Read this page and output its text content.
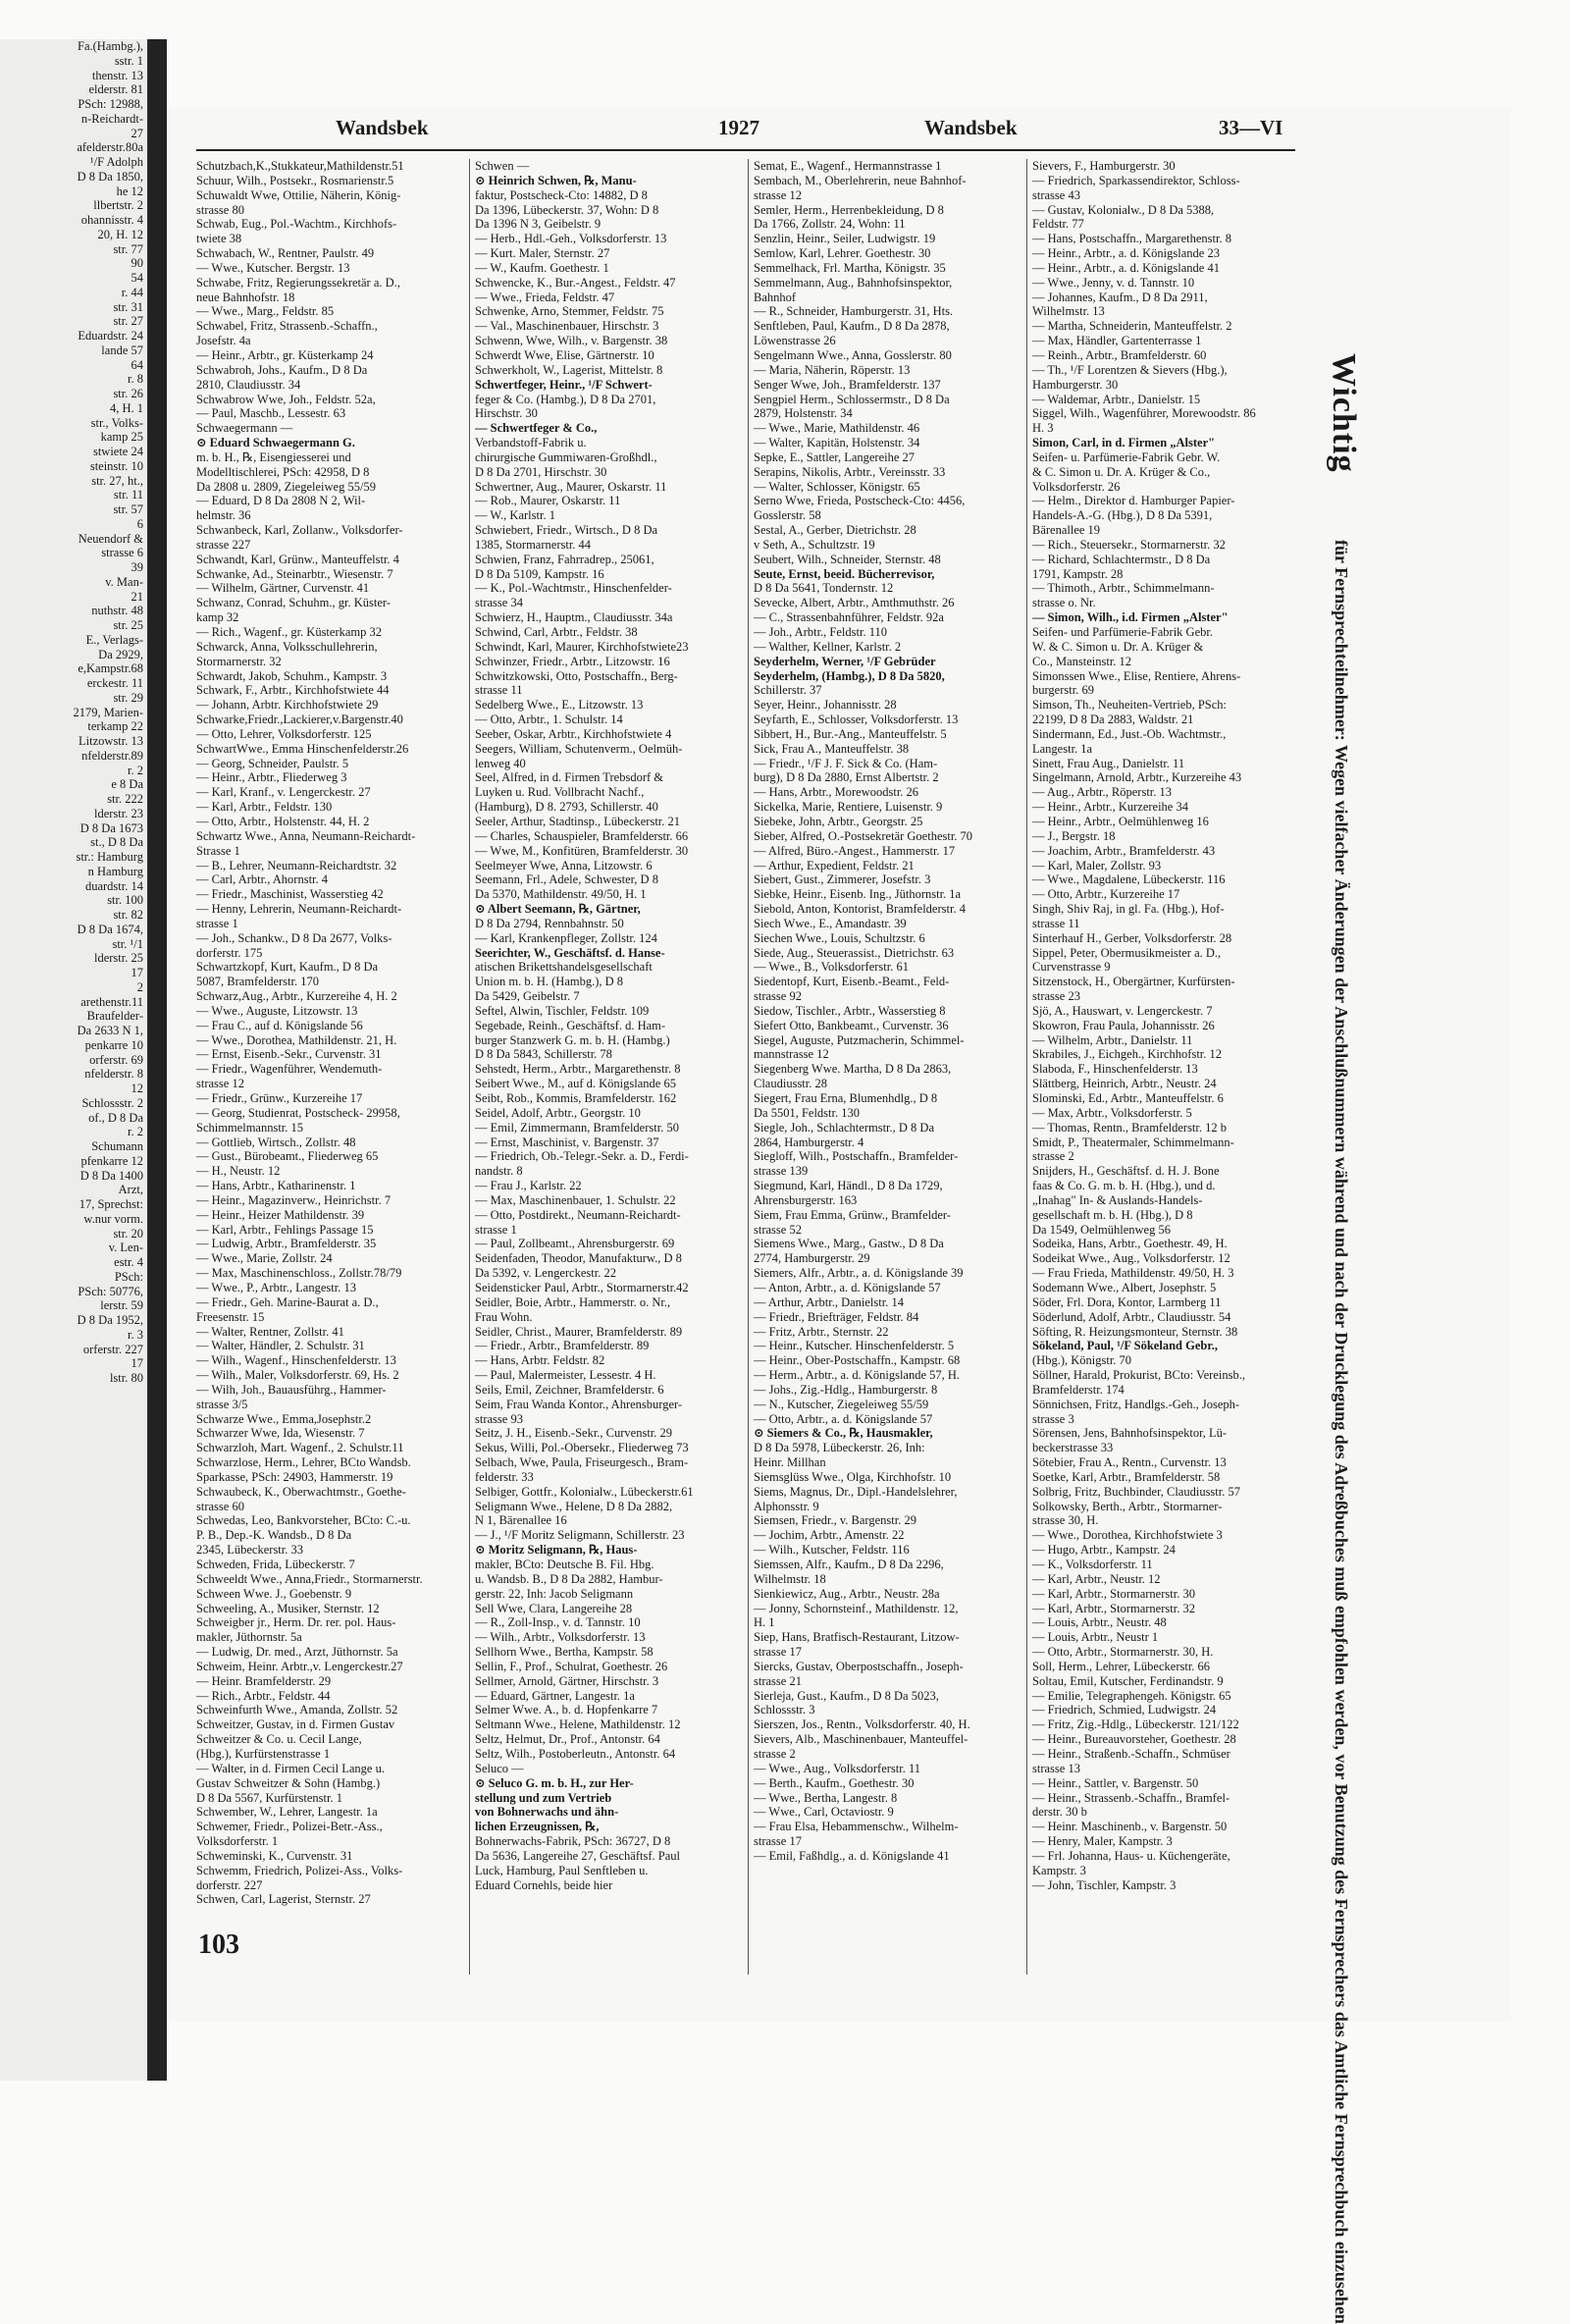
Fa.(Hambg.),
sstr. 1
thenstr. 13
elderstr. 81
PSch: 12988,
n-Reichardt-
27
afelderstr.80a
¹/F Adolph
D 8 Da 1850,
he 12
llbertstr. 2
ohannisstr. 4
20, H. 12
str. 77
90
54
r. 44
str. 31
str. 27
Eduardstr. 24
lande 57
64
r. 8
str. 26
4, H. 1
str., Volks-
kamp 25
stwiete 24
steinstr. 10
str. 27, ht.,
str. 11
str. 57
6
Neuendorf &
strasse 6
39
v. Man-
21
nuthstr. 48
str. 25
E., Verlags-
Da 2929,
e,Kampstr.68
erckestr. 11
str. 29
2179, Marien-
terkamp 22
Litzowstr. 13
nfelderstr.89
r. 2
e 8 Da
str. 222
lderstr. 23
D 8 Da 1673
st., D 8 Da
str.: Hamburg
n Hamburg
duardstr. 14
str. 100
str. 82
D 8 Da 1674,
str. ¹/1
lderstr. 25
17
2
arethenstr.11
Braufelder-
Da 2633 N 1,
penkarre 10
orferstr. 69
nfelderstr. 8
12
Schlossstr. 2
of., D 8 Da
r. 2
Schumann
pfenkarre 12
D 8 Da 1400
Arzt,
17, Sprechst:
w.nur vorm.
str. 20
v. Len-
estr. 4
PSch:
PSch: 50776,
lerstr. 59
D 8 Da 1952,
r. 3
orferstr. 227
17
lstr. 80
Wandsbek	1927	Wandsbek	33—VI
Schutzbach,K.,Stukkateur,Mathildenstr.51
Schuur, Wilh., Postsekr., Rosmarienstr.5
Schuwaldt Wwe, Ottilie, Näherin, König-
strasse 80
Schwab, Eug., Pol.-Wachtm., Kirchhofs-
twiete 38
Schwabach, W., Rentner, Paulstr. 49
— Wwe., Kutscher. Bergstr. 13
Schwabe, Fritz, Regierungssekretär a. D.,
neue Bahnhofstr. 18
— Wwe., Marg., Feldstr. 85
Schwabel, Fritz, Strassenb.-Schaffn.,
Josefstr. 4a
— Heinr., Arbtr., gr. Küsterkamp 24
Schwabroh, Johs., Kaufm., D 8 Da
2810, Claudiusstr. 34
Schwabrow Wwe, Joh., Feldstr. 52a,
— Paul, Maschb., Lessestr. 63
Schwaegermann —
⊙ Eduard Schwaegermann G.
m. b. H., ℞, Eisengiesserei und
Modelltischlerei, PSch: 42958, D 8
Da 2808 u. 2809, Ziegeleiweg 55/59
— Eduard, D 8 Da 2808 N 2, Wil-
helmstr. 36
Schwanbeck, Karl, Zollanw., Volksdorfer-
strasse 227
Schwandt, Karl, Grünw., Manteuffelstr. 4
Schwanke, Ad., Steinarbtr., Wiesenstr. 7
— Wilhelm, Gärtner, Curvenstr. 41
Schwanz, Conrad, Schuhm., gr. Küster-
kamp 32
— Rich., Wagenf., gr. Küsterkamp 32
Schwarck, Anna, Volksschullehrerin,
Stormarnerstr. 32
Schwardt, Jakob, Schuhm., Kampstr. 3
Schwark, F., Arbtr., Kirchhofstwiete 44
— Johann, Arbtr. Kirchhofstwiete 29
Schwarke,Friedr.,Lackierer,v.Bargenstr.40
— Otto, Lehrer, Volksdorferstr. 125
SchwartWwe., Emma Hinschenfelderstr.26
— Georg, Schneider, Paulstr. 5
— Heinr., Arbtr., Fliederweg 3
— Karl, Kranf., v. Lengerckestr. 27
— Karl, Arbtr., Feldstr. 130
— Otto, Arbtr., Holstenstr. 44, H. 2
Schwartz Wwe., Anna, Neumann-Reichardt-
Strasse 1
— B., Lehrer, Neumann-Reichardtstr. 32
— Carl, Arbtr., Ahornstr. 4
— Friedr., Maschinist, Wasserstieg 42
— Henny, Lehrerin, Neumann-Reichardt-
strasse 1
— Joh., Schankw., D 8 Da 2677, Volks-
dorferstr. 175
Schwartzkopf, Kurt, Kaufm., D 8 Da
5087, Bramfelderstr. 170
Schwarz,Aug., Arbtr., Kurzereihe 4, H. 2
— Wwe., Auguste, Litzowstr. 13
— Frau C., auf d. Königslande 56
— Wwe., Dorothea, Mathildenstr. 21, H.
— Ernst, Eisenb.-Sekr., Curvenstr. 31
— Friedr., Wagenführer, Wendemuth-
strasse 12
— Friedr., Grünw., Kurzereihe 17
— Georg, Studienrat, Postscheck- 29958,
Schimmelmannstr. 15
— Gottlieb, Wirtsch., Zollstr. 48
— Gust., Bürobeamt., Fliederweg 65
— H., Neustr. 12
— Hans, Arbtr., Katharinenstr. 1
— Heinr., Magazinverw., Heinrichstr. 7
— Heinr., Heizer Mathildenstr. 39
— Karl, Arbtr., Fehlings Passage 15
— Ludwig, Arbtr., Bramfelderstr. 35
— Wwe., Marie, Zollstr. 24
— Max, Maschinenschloss., Zollstr.78/79
— Wwe., P., Arbtr., Langestr. 13
— Friedr., Geh. Marine-Baurat a. D.,
Freesenstr. 15
— Walter, Rentner, Zollstr. 41
— Walter, Händler, 2. Schulstr. 31
— Wilh., Wagenf., Hinschenfelderstr. 13
— Wilh., Maler, Volksdorferstr. 69, Hs. 2
— Wilh, Joh., Bauausführg., Hammer-
strasse 3/5
Schwarze Wwe., Emma,Josephstr.2
Schwarzer Wwe, Ida, Wiesenstr. 7
Schwarzloh, Mart. Wagenf., 2. Schulstr.11
Schwarzlose, Herm., Lehrer, BCto Wandsb.
Sparkasse, PSch: 24903, Hammerstr. 19
Schwaubeck, K., Oberwachtmstr., Goethe-
strasse 60
Schwedas, Leo, Bankvorsteher, BCto: C.-u.
P. B., Dep.-K. Wandsb., D 8 Da
2345, Lübeckerstr. 33
Schweden, Frida, Lübeckerstr. 7
Schweeldt Wwe., Anna,Friedr., Stormarnerstr.
Schween Wwe. J., Goebenstr. 9
Schweeling, A., Musiker, Sternstr. 12
Schweigber jr., Herm. Dr. rer. pol. Haus-
makler, Jüthornstr. 5a
— Ludwig, Dr. med., Arzt, Jüthornstr. 5a
Schweim, Heinr. Arbtr.,v. Lengerckestr.27
— Heinr. Bramfelderstr. 29
— Rich., Arbtr., Feldstr. 44
Schweinfurth Wwe., Amanda, Zollstr. 52
Schweitzer, Gustav, in d. Firmen Gustav
Schweitzer & Co. u. Cecil Lange,
(Hbg.), Kurfürstenstrasse 1
— Walter, in d. Firmen Cecil Lange u.
Gustav Schweitzer & Sohn (Hambg.)
D 8 Da 5567, Kurfürstenstr. 1
Schwember, W., Lehrer, Langestr. 1a
Schwemer, Friedr., Polizei-Betr.-Ass.,
Volksdorferstr. 1
Schweminski, K., Curvenstr. 31
Schwemm, Friedrich, Polizei-Ass., Volks-
dorferstr. 227
Schwen, Carl, Lagerist, Sternstr. 27
Schwen —
⊙ Heinrich Schwen, ℞, Manu-
faktur, Postscheck-Cto: 14882, D 8
Da 1396, Lübeckerstr. 37, Wohn: D 8
Da 1396 N 3, Geibelstr. 9
— Herb., Hdl.-Geh., Volksdorferstr. 13
— Kurt. Maler, Sternstr. 27
— W., Kaufm. Goethestr. 1
Schwencke, K., Bur.-Angest., Feldstr. 47
— Wwe., Frieda, Feldstr. 47
Schwenke, Arno, Stemmer, Feldstr. 75
— Val., Maschinenbauer, Hirschstr. 3
Schwenn, Wwe, Wilh., v. Bargenstr. 38
Schwerdt Wwe, Elise, Gärtnerstr. 10
Schwerkholt, W., Lagerist, Mittelstr. 8
Schwertfeger, Heinr., ¹/F Schwert-
feger & Co. (Hambg.), D 8 Da 2701,
Hirschstr. 30
— Schwertfeger & Co.,
Verbandstoff-Fabrik u.
chirurgische Gummiwaren-Großhdl.,
D 8 Da 2701, Hirschstr. 30
Schwertner, Aug., Maurer, Oskarstr. 11
— Rob., Maurer, Oskarstr. 11
— W., Karlstr. 1
Schwiebert, Friedr., Wirtsch., D 8 Da
1385, Stormarnerstr. 44
Schwien, Franz, Fahrradrep., 25061,
D 8 Da 5109, Kampstr. 16
— K., Pol.-Wachtmstr., Hinschenfelder-
strasse 34
Schwierz, H., Hauptm., Claudiusstr. 34a
Schwind, Carl, Arbtr., Feldstr. 38
Schwindt, Karl, Maurer, Kirchhofstwiete23
Schwinzer, Friedr., Arbtr., Litzowstr. 16
Schwitzkowski, Otto, Postschaffn., Berg-
strasse 11
Sedelberg Wwe., E., Litzowstr. 13
— Otto, Arbtr., 1. Schulstr. 14
Seeber, Oskar, Arbtr., Kirchhofstwiete 4
Seegers, William, Schutenverm., Oelmüh-
lenweg 40
Seel, Alfred, in d. Firmen Trebsdorf &
Luyken u. Rud. Vollbracht Nachf.,
(Hamburg), D 8. 2793, Schillerstr. 40
Seeler, Arthur, Stadtinsp., Lübeckerstr. 21
— Charles, Schauspieler, Bramfelderstr. 66
— Wwe, M., Konfitüren, Bramfelderstr. 30
Seelmeyer Wwe, Anna, Litzowstr. 6
Seemann, Frl., Adele, Schwester, D 8
Da 5370, Mathildenstr. 49/50, H. 1
⊙ Albert Seemann, ℞, Gärtner,
D 8 Da 2794, Rennbahnstr. 50
— Karl, Krankenpfleger, Zollstr. 124
Seerichter, W., Geschäftsf. d. Hanse-
atischen Brikettshandelsgesellschaft
Union m. b. H. (Hambg.), D 8
Da 5429, Geibelstr. 7
Seftel, Alwin, Tischler, Feldstr. 109
Segebade, Reinh., Geschäftsf. d. Ham-
burger Stanzwerk G. m. b. H. (Hambg.)
D 8 Da 5843, Schillerstr. 78
Sehstedt, Herm., Arbtr., Margarethenstr. 8
Seibert Wwe., M., auf d. Königslande 65
Seibt, Rob., Kommis, Bramfelderstr. 162
Seidel, Adolf, Arbtr., Georgstr. 10
— Emil, Zimmermann, Bramfelderstr. 50
— Ernst, Maschinist, v. Bargenstr. 37
— Friedrich, Ob.-Telegr.-Sekr. a. D., Ferdi-
nandstr. 8
— Frau J., Karlstr. 22
— Max, Maschinenbauer, 1. Schulstr. 22
— Otto, Postdirekt., Neumann-Reichardt-
strasse 1
— Paul, Zollbeamt., Ahrensburgerstr. 69
Seidenfaden, Theodor, Manufakturw., D 8
Da 5392, v. Lengerckestr. 22
Seidensticker Paul, Arbtr., Stormarnerstr.42
Seidler, Boie, Arbtr., Hammerstr. o. Nr.,
Frau Wohn.
Seidler, Christ., Maurer, Bramfelderstr. 89
— Friedr., Arbtr., Bramfelderstr. 89
— Hans, Arbtr. Feldstr. 82
— Paul, Malermeister, Lessestr. 4 H.
Seils, Emil, Zeichner, Bramfelderstr. 6
Seim, Frau Wanda Kontor., Ahrensburger-
strasse 93
Seitz, J. H., Eisenb.-Sekr., Curvenstr. 29
Sekus, Willi, Pol.-Obersekr., Fliederweg 73
Selbach, Wwe, Paula, Friseurgesch., Bram-
felderstr. 33
Selbiger, Gottfr., Kolonialw., Lübeckerstr.61
Seligmann Wwe., Helene, D 8 Da 2882,
N 1, Bärenallee 16
— J., ¹/F Moritz Seligmann, Schillerstr. 23
⊙ Moritz Seligmann, ℞, Haus-
makler, BCto: Deutsche B. Fil. Hbg.
u. Wandsb. B., D 8 Da 2882, Hambur-
gerstr. 22, Inh: Jacob Seligmann
Sell Wwe, Clara, Langereihe 28
— R., Zoll-Insp., v. d. Tannstr. 10
— Wilh., Arbtr., Volksdorferstr. 13
Sellhorn Wwe., Bertha, Kampstr. 58
Sellin, F., Prof., Schulrat, Goethestr. 26
Sellmer, Arnold, Gärtner, Hirschstr. 3
— Eduard, Gärtner, Langestr. 1a
Selmer Wwe. A., b. d. Hopfenkarre 7
Seltmann Wwe., Helene, Mathildenstr. 12
Seltz, Helmut, Dr., Prof., Antonstr. 64
Seltz, Wilh., Postoberleutn., Antonstr. 64
Seluco —
⊙ Seluco G. m. b. H., zur Her-
stellung und zum Vertrieb
von Bohnerwachs und ähn-
lichen Erzeugnissen, ℞,
Bohnerwachs-Fabrik, PSch: 36727, D 8
Da 5636, Langereihe 27, Geschäftsf. Paul
Luck, Hamburg, Paul Senftleben u.
Eduard Cornehls, beide hier
Semat, E., Wagenf., Hermannstrasse 1
Sembach, M., Oberlehrerin, neue Bahnhof-
strasse 12
Semler, Herm., Herrenbekleidung, D 8
Da 1766, Zollstr. 24, Wohn: 11
Senzlin, Heinr., Seiler, Ludwigstr. 19
Semlow, Karl, Lehrer. Goethestr. 30
Semmelhack, Frl. Martha, Königstr. 35
Semmelmann, Aug., Bahnhofsinspektor,
Bahnhof
— R., Schneider, Hamburgerstr. 31, Hts.
Senftleben, Paul, Kaufm., D 8 Da 2878,
Löwenstrasse 26
Sengelmann Wwe., Anna, Gosslerstr. 80
— Maria, Näherin, Röperstr. 13
Senger Wwe, Joh., Bramfelderstr. 137
Sengpiel Herm., Schlossermstr., D 8 Da
2879, Holstenstr. 34
— Wwe., Marie, Mathildenstr. 46
— Walter, Kapitän, Holstenstr. 34
Sepke, E., Sattler, Langereihe 27
Serapins, Nikolis, Arbtr., Vereinsstr. 33
— Walter, Schlosser, Königstr. 65
Serno Wwe, Frieda, Postscheck-Cto: 4456,
Gosslerstr. 58
Sestal, A., Gerber, Dietrichstr. 28
v Seth, A., Schultzstr. 19
Seubert, Wilh., Schneider, Sternstr. 48
Seute, Ernst, beeid. Bücherrevisor,
D 8 Da 5641, Tondernstr. 12
Sevecke, Albert, Arbtr., Amthmuthstr. 26
— C., Strassenbahnführer, Feldstr. 92a
— Joh., Arbtr., Feldstr. 110
— Walther, Kellner, Karlstr. 2
Seyderhelm, Werner, ¹/F Gebrüder
Seyderhelm, (Hambg.), D 8 Da 5820,
Schillerstr. 37
Seyer, Heinr., Johannisstr. 28
Seyfarth, E., Schlosser, Volksdorferstr. 13
Sibbert, H., Bur.-Ang., Manteuffelstr. 5
Sick, Frau A., Manteuffelstr. 38
— Friedr., ¹/F J. F. Sick & Co. (Ham-
burg), D 8 Da 2880, Ernst Albertstr. 2
— Hans, Arbtr., Morewoodstr. 26
Sickelka, Marie, Rentiere, Luisenstr. 9
Siebeke, John, Arbtr., Georgstr. 25
Sieber, Alfred, O.-Postsekretär Goethestr. 70
— Alfred, Büro.-Angest., Hammerstr. 17
— Arthur, Expedient, Feldstr. 21
Siebert, Gust., Zimmerer, Josefstr. 3
Siebke, Heinr., Eisenb. Ing., Jüthornstr. 1a
Siebold, Anton, Kontorist, Bramfelderstr. 4
Siech Wwe., E., Amandastr. 39
Siechen Wwe., Louis, Schultzstr. 6
Siede, Aug., Steuerassist., Dietrichstr. 63
— Wwe., B., Volksdorferstr. 61
Siedentopf, Kurt, Eisenb.-Beamt., Feld-
strasse 92
Siedow, Tischler., Arbtr., Wasserstieg 8
Siefert Otto, Bankbeamt., Curvenstr. 36
Siegel, Auguste, Putzmacherin, Schimmel-
mannstrasse 12
Siegenberg Wwe. Martha, D 8 Da 2863,
Claudiusstr. 28
Siegert, Frau Erna, Blumenhdlg., D 8
Da 5501, Feldstr. 130
Siegle, Joh., Schlachtermstr., D 8 Da
2864, Hamburgerstr. 4
Siegloff, Wilh., Postschaffn., Bramfelder-
strasse 139
Siegmund, Karl, Händl., D 8 Da 1729,
Ahrensburgerstr. 163
Siem, Frau Emma, Grünw., Bramfelder-
strasse 52
Siemens Wwe., Marg., Gastw., D 8 Da
2774, Hamburgerstr. 29
Siemers, Alfr., Arbtr., a. d. Königslande 39
— Anton, Arbtr., a. d. Königslande 57
— Arthur, Arbtr., Danielstr. 14
— Friedr., Briefträger, Feldstr. 84
— Fritz, Arbtr., Sternstr. 22
— Heinr., Kutscher. Hinschenfelderstr. 5
— Heinr., Ober-Postschaffn., Kampstr. 68
— Herm., Arbtr., a. d. Königslande 57, H.
— Johs., Zig.-Hdlg., Hamburgerstr. 8
— N., Kutscher, Ziegeleiweg 55/59
— Otto, Arbtr., a. d. Königslande 57
⊙ Siemers & Co., ℞, Hausmakler,
D 8 Da 5978, Lübeckerstr. 26, Inh:
Heinr. Millhan
Siemsglüss Wwe., Olga, Kirchhofstr. 10
Siems, Magnus, Dr., Dipl.-Handelslehrer,
Alphonsstr. 9
Siemsen, Friedr., v. Bargenstr. 29
— Jochim, Arbtr., Amenstr. 22
— Wilh., Kutscher, Feldstr. 116
Siemssen, Alfr., Kaufm., D 8 Da 2296,
Wilhelmstr. 18
Sienkiewicz, Aug., Arbtr., Neustr. 28a
— Jonny, Schornsteinf., Mathildenstr. 12,
H. 1
Siep, Hans, Bratfisch-Restaurant, Litzow-
strasse 17
Siercks, Gustav, Oberpostschaffn., Joseph-
strasse 21
Sierleja, Gust., Kaufm., D 8 Da 5023,
Schlossstr. 3
Sierszen, Jos., Rentn., Volksdorferstr. 40, H.
Sievers, Alb., Maschinenbauer, Manteuffel-
strasse 2
— Wwe., Aug., Volksdorferstr. 11
— Berth., Kaufm., Goethestr. 30
— Wwe., Bertha, Langestr. 8
— Wwe., Carl, Octaviostr. 9
— Frau Elsa, Hebammenschw., Wilhelm-
strasse 17
— Emil, Faßhdlg., a. d. Königslande 41
Sievers, F., Hamburgerstr. 30
— Friedrich, Sparkassendirektor, Schloss-
strasse 43
— Gustav, Kolonialw., D 8 Da 5388,
Feldstr. 77
— Hans, Postschaffn., Margarethenstr. 8
— Heinr., Arbtr., a. d. Königslande 23
— Heinr., Arbtr., a. d. Königslande 41
— Wwe., Jenny, v. d. Tannstr. 10
— Johannes, Kaufm., D 8 Da 2911,
Wilhelmstr. 13
— Martha, Schneiderin, Manteuffelstr. 2
— Max, Händler, Gartenterrasse 1
— Reinh., Arbtr., Bramfelderstr. 60
— Th., ¹/F Lorentzen & Sievers (Hbg.),
Hamburgerstr. 30
— Waldemar, Arbtr., Danielstr. 15
Siggel, Wilh., Wagenführer, Morewoodstr. 86
H. 3
Simon, Carl, in d. Firmen „Alster"
Seifen- u. Parfümerie-Fabrik Gebr. W.
& C. Simon u. Dr. A. Krüger & Co.,
Volksdorferstr. 26
— Helm., Direktor d. Hamburger Papier-
Handels-A.-G. (Hbg.), D 8 Da 5391,
Bärenallee 19
— Rich., Steuersekr., Stormarnerstr. 32
— Richard, Schlachtermstr., D 8 Da
1791, Kampstr. 28
— Thimoth., Arbtr., Schimmelmann-
strasse o. Nr.
— Simon, Wilh., i.d. Firmen „Alster"
Seifen- und Parfümerie-Fabrik Gebr.
W. & C. Simon u. Dr. A. Krüger &
Co., Mansteinstr. 12
Simonssen Wwe., Elise, Rentiere, Ahrens-
burgerstr. 69
Simson, Th., Neuheiten-Vertrieb, PSch:
22199, D 8 Da 2883, Waldstr. 21
Sindermann, Ed., Just.-Ob. Wachtmstr.,
Langestr. 1a
Sinett, Frau Aug., Danielstr. 11
Singelmann, Arnold, Arbtr., Kurzereihe 43
— Aug., Arbtr., Röperstr. 13
— Heinr., Arbtr., Kurzereihe 34
— Heinr., Arbtr., Oelmühlenweg 16
— J., Bergstr. 18
— Joachim, Arbtr., Bramfelderstr. 43
— Karl, Maler, Zollstr. 93
— Wwe., Magdalene, Lübeckerstr. 116
— Otto, Arbtr., Kurzereihe 17
Singh, Shiv Raj, in gl. Fa. (Hbg.), Hof-
strasse 11
Sinterhauf H., Gerber, Volksdorferstr. 28
Sippel, Peter, Obermusikmeister a. D.,
Curvenstrasse 9
Sitzenstock, H., Obergärtner, Kurfürsten-
strasse 23
Sjö, A., Hauswart, v. Lengerckestr. 7
Skowron, Frau Paula, Johannisstr. 26
— Wilhelm, Arbtr., Danielstr. 11
Skrabiles, J., Eichgeh., Kirchhofstr. 12
Slaboda, F., Hinschenfelderstr. 13
Slättberg, Heinrich, Arbtr., Neustr. 24
Slominski, Ed., Arbtr., Manteuffelstr. 6
— Max, Arbtr., Volksdorferstr. 5
— Thomas, Rentn., Bramfelderstr. 12 b
Smidt, P., Theatermaler, Schimmelmann-
strasse 2
Snijders, H., Geschäftsf. d. H. J. Bone
faas & Co. G. m. b. H. (Hbg.), und d.
„Inahag" In- & Auslands-Handels-
gesellschaft m. b. H. (Hbg.), D 8
Da 1549, Oelmühlenweg 56
Sodeika, Hans, Arbtr., Goethestr. 49, H.
Sodeikat Wwe., Aug., Volksdorferstr. 12
— Frau Frieda, Mathildenstr. 49/50, H. 3
Sodemann Wwe., Albert, Josephstr. 5
Söder, Frl. Dora, Kontor, Larmberg 11
Söderlund, Adolf, Arbtr., Claudiusstr. 54
Söfting, R. Heizungsmonteur, Sternstr. 38
Sökeland, Paul, ¹/F Sökeland Gebr.,
(Hbg.), Königstr. 70
Söllner, Harald, Prokurist, BCto: Vereinsb.,
Bramfelderstr. 174
Sönnichsen, Fritz, Handlgs.-Geh., Joseph-
strasse 3
Sörensen, Jens, Bahnhofsinspektor, Lü-
beckerstrasse 33
Sötebier, Frau A., Rentn., Curvenstr. 13
Soetke, Karl, Arbtr., Bramfelderstr. 58
Solbrig, Fritz, Buchbinder, Claudiusstr. 57
Solkowsky, Berth., Arbtr., Stormarner-
strasse 30, H.
— Wwe., Dorothea, Kirchhofstwiete 3
— Hugo, Arbtr., Kampstr. 24
— K., Volksdorferstr. 11
— Karl, Arbtr., Neustr. 12
— Karl, Arbtr., Stormarnerstr. 30
— Karl, Arbtr., Stormarnerstr. 32
— Louis, Arbtr., Neustr. 48
— Louis, Arbtr., Neustr 1
— Otto, Arbtr., Stormarnerstr. 30, H.
Soll, Herm., Lehrer, Lübeckerstr. 66
Soltau, Emil, Kutscher, Ferdinandstr. 9
— Emilie, Telegraphengeh. Königstr. 65
— Friedrich, Schmied, Ludwigstr. 24
— Fritz, Zig.-Hdlg., Lübeckerstr. 121/122
— Heinr., Bureauvorsteher, Goethestr. 28
— Heinr., Straßenb.-Schaffn., Schmüser
strasse 13
— Heinr., Sattler, v. Bargenstr. 50
— Heinr., Strassenb.-Schaffn., Bramfel-
derstr. 30 b
— Heinr. Maschinenb., v. Bargenstr. 50
— Henry, Maler, Kampstr. 3
— Frl. Johanna, Haus- u. Küchengeräte,
Kampstr. 3
— John, Tischler, Kampstr. 3
103
Wichtig
für Fernsprechteilnehmer: Wegen vielfacher Änderungen der Anschlußnummern während und nach der Drucklegung des Adreßbuches muß empfohlen werden, vor Benutzung des Fernsprechers das Amtliche Fernsprechbuch einzusehen
